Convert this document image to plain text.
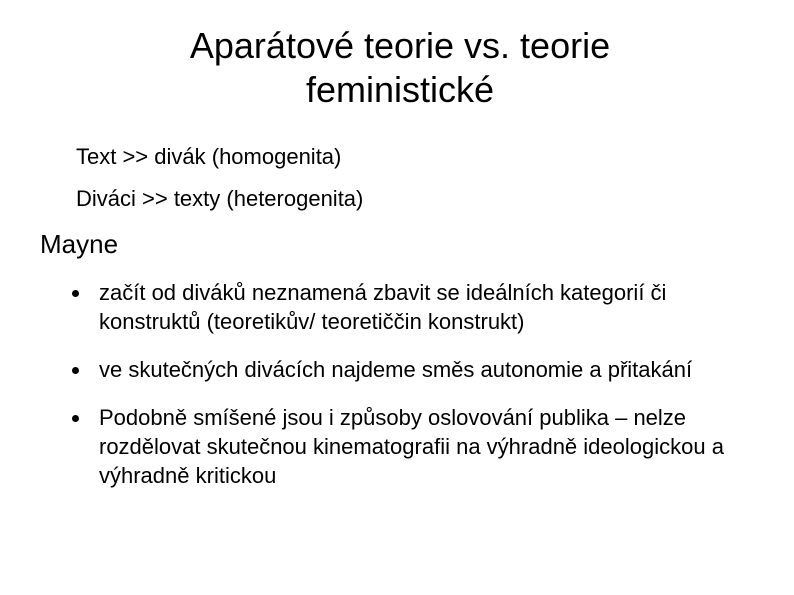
Aparátové teorie vs. teorie
feministické
Text >> divák (homogenita)
Diváci >> texty (heterogenita)
Mayne
začít od diváků neznamená zbavit se ideálních kategorií či konstruktů (teoretikův/ teoretiččin konstrukt)
ve skutečných divácích najdeme směs autonomie a přitakání
Podobně smíšené jsou i způsoby oslovování publika – nelze rozdělovat skutečnou kinematografii na výhradně ideologickou a výhradně kritickou
